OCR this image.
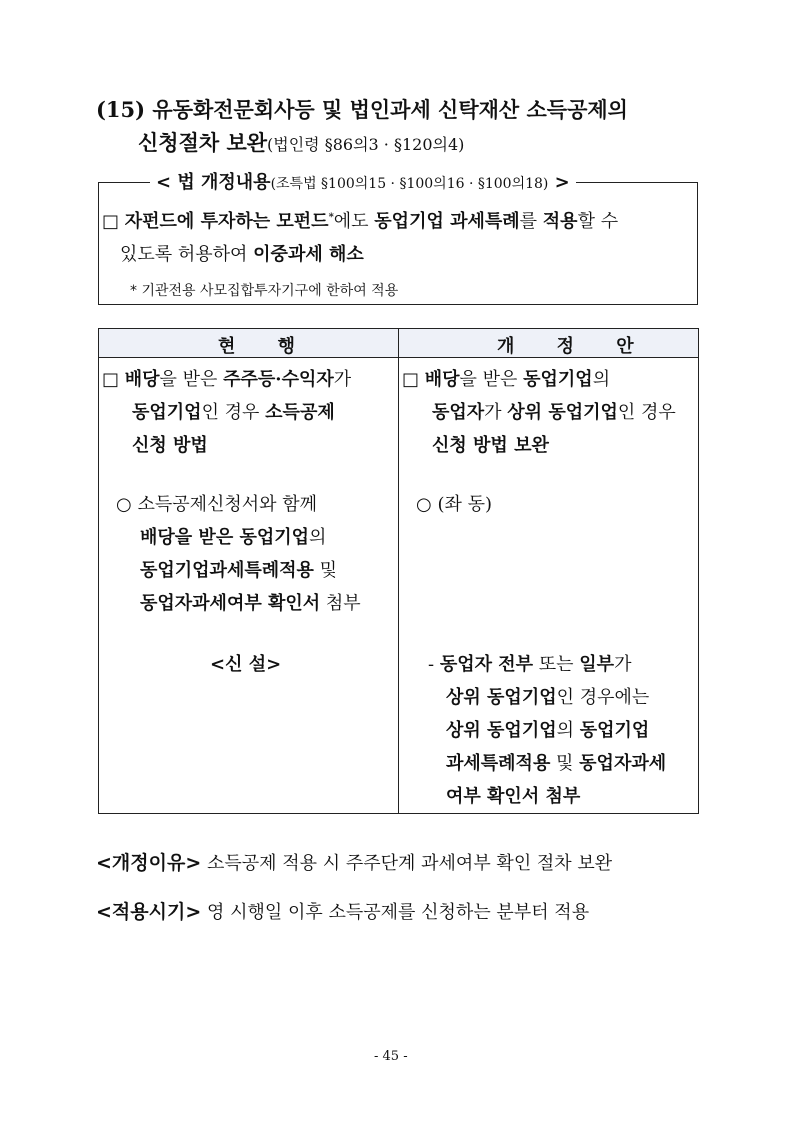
(15) 유동화전문회사등 및 법인과세 신탁재산 소득공제의
신청절차 보완(법인령 §86의3 · §120의4)
< 법 개정내용(조특법 §100의15 · §100의16 · §100의18) >
□ 자펀드에 투자하는 모펀드*에도 동업기업 과세특례를 적용할 수
있도록 허용하여 이중과세 해소
* 기관전용 사모집합투자기구에 한하여 적용
현 행	개 정 안
□ 배당을 받은 주주등·수익자가
동업기업인 경우 소득공제
신청 방법
○ 소득공제신청서와 함께
배당을 받은 동업기업의
동업기업과세특례적용 및
동업자과세여부 확인서 첨부
<신 설>
□ 배당을 받은 동업기업의
동업자가 상위 동업기업인 경우
신청 방법 보완
○ (좌 동)
- 동업자 전부 또는 일부가
상위 동업기업인 경우에는
상위 동업기업의 동업기업
과세특례적용 및 동업자과세
여부 확인서 첨부
<개정이유> 소득공제 적용 시 주주단계 과세여부 확인 절차 보완
<적용시기> 영 시행일 이후 소득공제를 신청하는 분부터 적용
- 45 -
